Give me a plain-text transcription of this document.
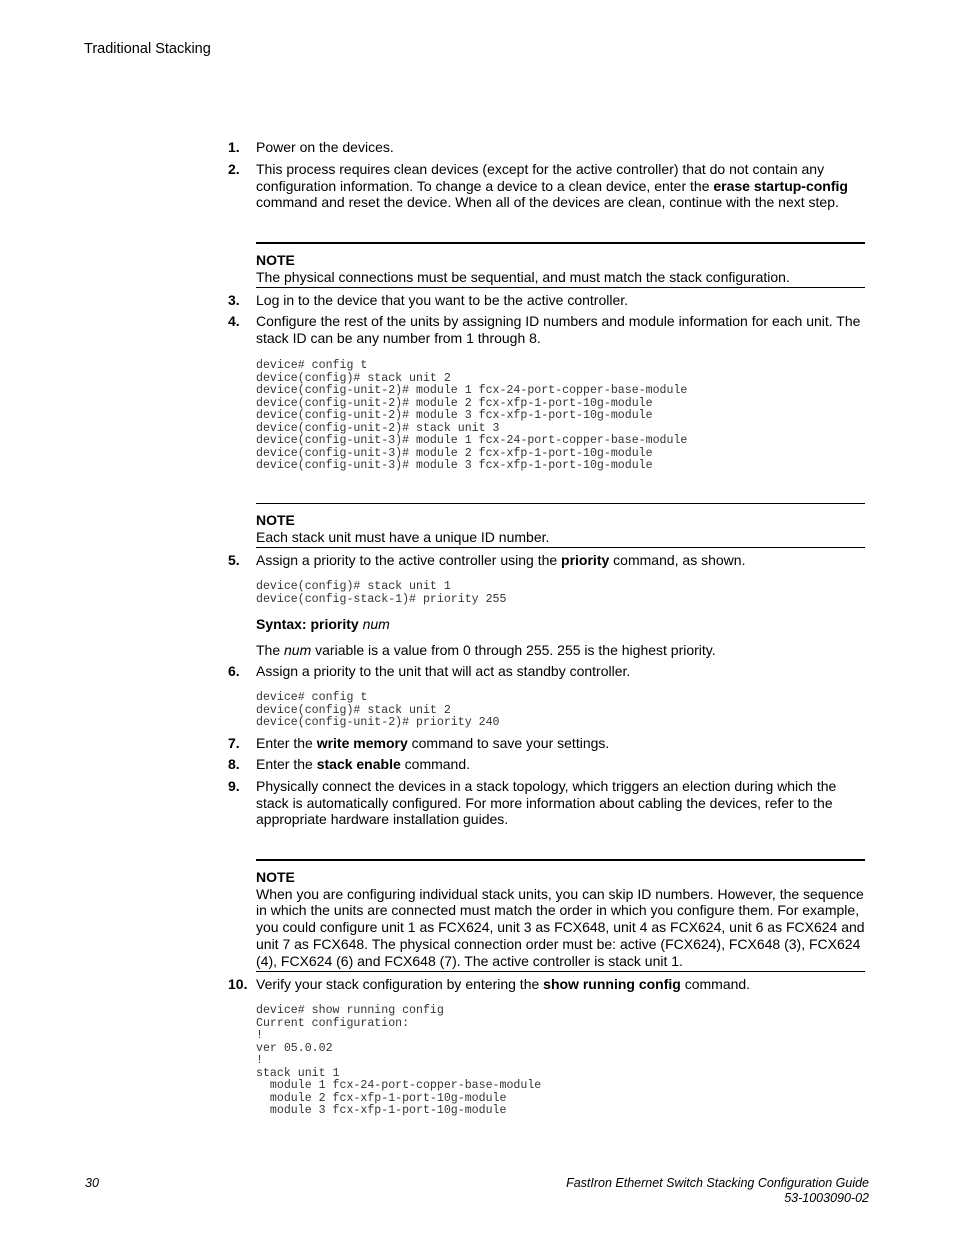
Traditional Stacking
1.	Power on the devices.
2.	This process requires clean devices (except for the active controller) that do not contain any configuration information. To change a device to a clean device, enter the erase startup-config command and reset the device. When all of the devices are clean, continue with the next step.
NOTE
The physical connections must be sequential, and must match the stack configuration.
3.	Log in to the device that you want to be the active controller.
4.	Configure the rest of the units by assigning ID numbers and module information for each unit. The stack ID can be any number from 1 through 8.
device# config t
device(config)# stack unit 2
device(config-unit-2)# module 1 fcx-24-port-copper-base-module
device(config-unit-2)# module 2 fcx-xfp-1-port-10g-module
device(config-unit-2)# module 3 fcx-xfp-1-port-10g-module
device(config-unit-2)# stack unit 3
device(config-unit-3)# module 1 fcx-24-port-copper-base-module
device(config-unit-3)# module 2 fcx-xfp-1-port-10g-module
device(config-unit-3)# module 3 fcx-xfp-1-port-10g-module
NOTE
Each stack unit must have a unique ID number.
5.	Assign a priority to the active controller using the priority command, as shown.
device(config)# stack unit 1
device(config-stack-1)# priority 255
Syntax: priority num
The num variable is a value from 0 through 255. 255 is the highest priority.
6.	Assign a priority to the unit that will act as standby controller.
device# config t
device(config)# stack unit 2
device(config-unit-2)# priority 240
7.	Enter the write memory command to save your settings.
8.	Enter the stack enable command.
9.	Physically connect the devices in a stack topology, which triggers an election during which the stack is automatically configured. For more information about cabling the devices, refer to the appropriate hardware installation guides.
NOTE
When you are configuring individual stack units, you can skip ID numbers. However, the sequence in which the units are connected must match the order in which you configure them. For example, you could configure unit 1 as FCX624, unit 3 as FCX648, unit 4 as FCX624, unit 6 as FCX624 and unit 7 as FCX648. The physical connection order must be: active (FCX624), FCX648 (3), FCX624 (4), FCX624 (6) and FCX648 (7). The active controller is stack unit 1.
10. Verify your stack configuration by entering the show running config command.
device# show running config
Current configuration:
!
ver 05.0.02
!
stack unit 1
module 1 fcx-24-port-copper-base-module
module 2 fcx-xfp-1-port-10g-module
module 3 fcx-xfp-1-port-10g-module
30	FastIron Ethernet Switch Stacking Configuration Guide
53-1003090-02
